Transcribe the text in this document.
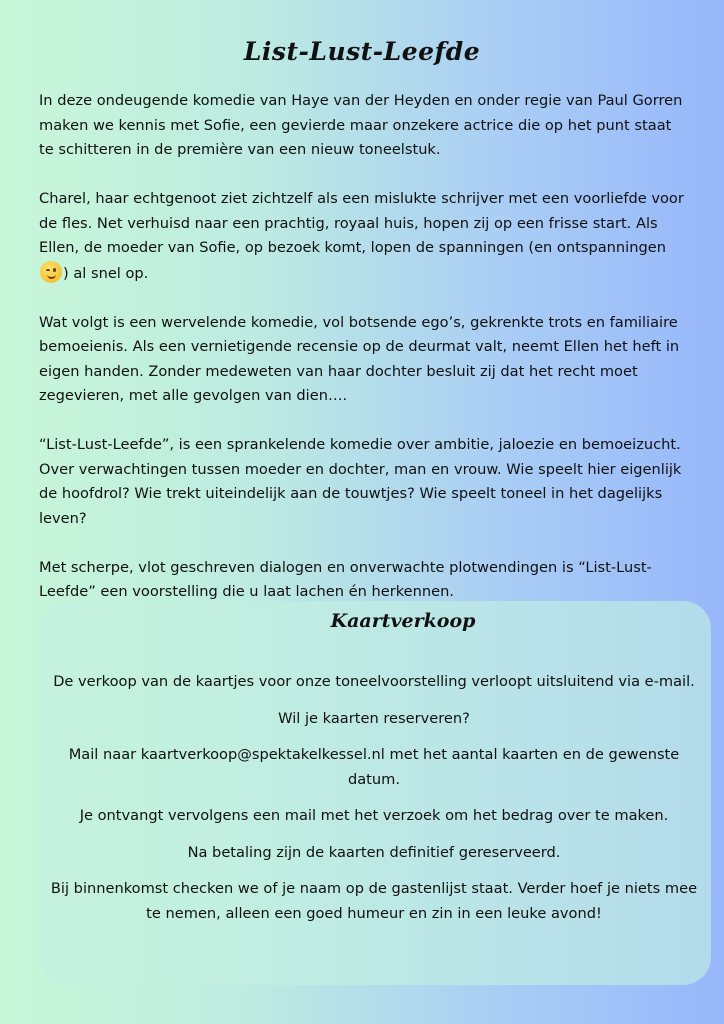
List-Lust-Leefde

In deze ondeugende komedie van Haye van der Heyden en onder regie van Paul Gorren maken we kennis met Sofie, een gevierde maar onzekere actrice die op het punt staat te schitteren in de première van een nieuw toneelstuk.

Charel, haar echtgenoot ziet zichtzelf als een mislukte schrijver met een voorliefde voor de fles. Net verhuisd naar een prachtig, royaal huis, hopen zij op een frisse start. Als Ellen, de moeder van Sofie, op bezoek komt, lopen de spanningen (en ontspanningen
) al snel op.

Wat volgt is een wervelende komedie, vol botsende ego’s, gekrenkte trots en familiaire bemoeienis. Als een vernietigende recensie op de deurmat valt, neemt Ellen het heft in eigen handen. Zonder medeweten van haar dochter besluit zij dat het recht moet zegevieren, met alle gevolgen van dien….

“List-Lust-Leefde”, is een sprankelende komedie over ambitie, jaloezie en bemoeizucht. Over verwachtingen tussen moeder en dochter, man en vrouw. Wie speelt hier eigenlijk de hoofdrol? Wie trekt uiteindelijk aan de touwtjes? Wie speelt toneel in het dagelijks leven?

Met scherpe, vlot geschreven dialogen en onverwachte plotwendingen is “List-Lust-Leefde” een voorstelling die u laat lachen én herkennen.

Kaartverkoop

De verkoop van de kaartjes voor onze toneelvoorstelling verloopt uitsluitend via e-mail.

Wil je kaarten reserveren?

Mail naar kaartverkoop@spektakelkessel.nl met het aantal kaarten en de gewenste datum.

Je ontvangt vervolgens een mail met het verzoek om het bedrag over te maken.

Na betaling zijn de kaarten definitief gereserveerd.

Bij binnenkomst checken we of je naam op de gastenlijst staat. Verder hoef je niets mee te nemen, alleen een goed humeur en zin in een leuke avond!
